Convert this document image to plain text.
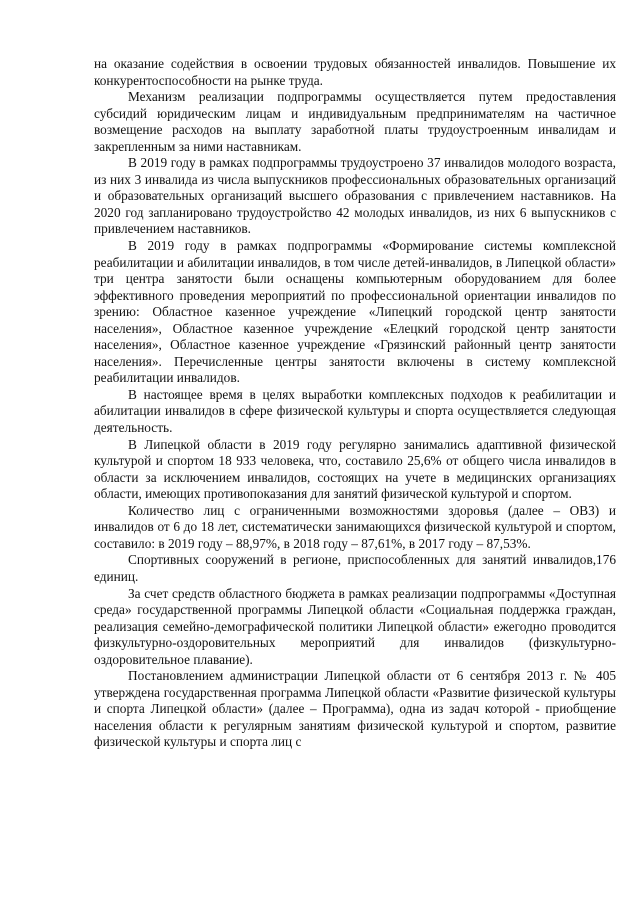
на оказание содействия в освоении трудовых обязанностей инвалидов. Повышение их конкурентоспособности на рынке труда.

Механизм реализации подпрограммы осуществляется путем предоставления субсидий юридическим лицам и индивидуальным предпринимателям на частичное возмещение расходов на выплату заработной платы трудоустроенным инвалидам и закрепленным за ними наставникам.

В 2019 году в рамках подпрограммы трудоустроено 37 инвалидов молодого возраста, из них 3 инвалида из числа выпускников профессиональных образовательных организаций и образовательных организаций высшего образования с привлечением наставников. На 2020 год запланировано трудоустройство 42 молодых инвалидов, из них 6 выпускников с привлечением наставников.

В 2019 году в рамках подпрограммы «Формирование системы комплексной реабилитации и абилитации инвалидов, в том числе детей-инвалидов, в Липецкой области» три центра занятости были оснащены компьютерным оборудованием для более эффективного проведения мероприятий по профессиональной ориентации инвалидов по зрению: Областное казенное учреждение «Липецкий городской центр занятости населения», Областное казенное учреждение «Елецкий городской центр занятости населения», Областное казенное учреждение «Грязинский районный центр занятости населения». Перечисленные центры занятости включены в систему комплексной реабилитации инвалидов.

В настоящее время в целях выработки комплексных подходов к реабилитации и абилитации инвалидов в сфере физической культуры и спорта осуществляется следующая деятельность.

В Липецкой области в 2019 году регулярно занимались адаптивной физической культурой и спортом 18 933 человека, что, составило 25,6% от общего числа инвалидов в области за исключением инвалидов, состоящих на учете в медицинских организациях области, имеющих противопоказания для занятий физической культурой и спортом.

Количество лиц с ограниченными возможностями здоровья (далее – ОВЗ) и инвалидов от 6 до 18 лет, систематически занимающихся физической культурой и спортом, составило: в 2019 году – 88,97%, в 2018 году – 87,61%, в 2017 году – 87,53%.

Спортивных сооружений в регионе, приспособленных для занятий инвалидов,176 единиц.

За счет средств областного бюджета в рамках реализации подпрограммы «Доступная среда» государственной программы Липецкой области «Социальная поддержка граждан, реализация семейно-демографической политики Липецкой области» ежегодно проводится физкультурно-оздоровительных мероприятий для инвалидов (физкультурно-оздоровительное плавание).

Постановлением администрации Липецкой области от 6 сентября 2013 г. № 405 утверждена государственная программа Липецкой области «Развитие физической культуры и спорта Липецкой области» (далее – Программа), одна из задач которой - приобщение населения области к регулярным занятиям физической культурой и спортом, развитие физической культуры и спорта лиц с
